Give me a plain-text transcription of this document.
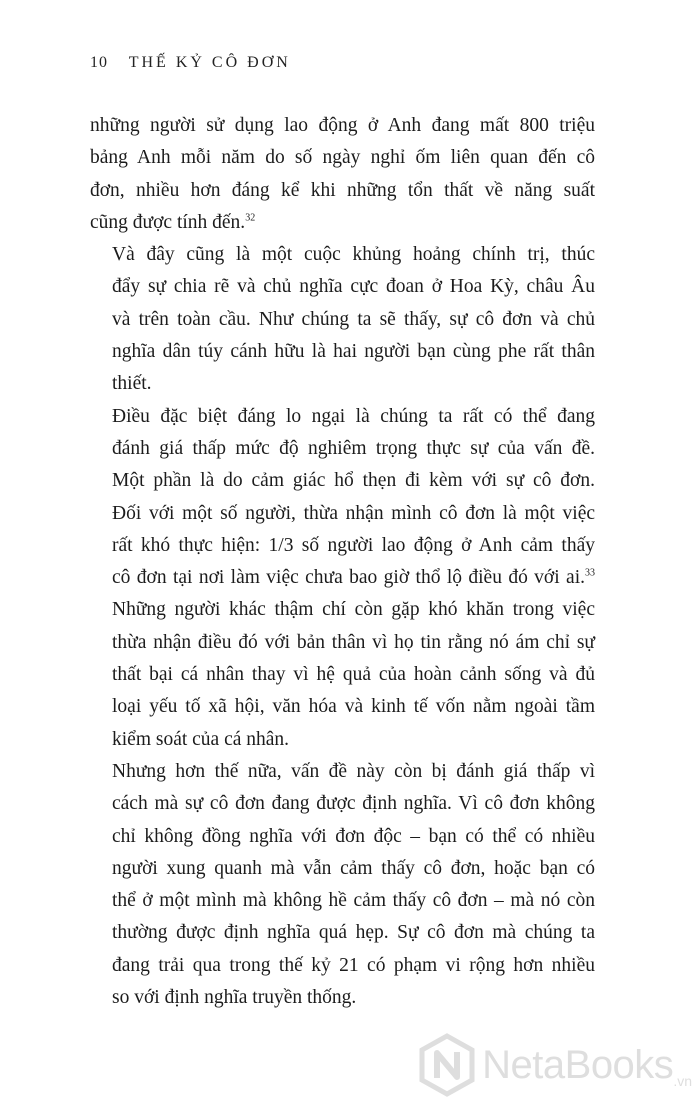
10 THẾ KỶ CÔ ĐƠN

những người sử dụng lao động ở Anh đang mất 800 triệu
bảng Anh mỗi năm do số ngày nghỉ ốm liên quan đến cô
đơn, nhiều hơn đáng kể khi những tổn thất về năng suất
cũng được tính đến.$^{32}$

Và đây cũng là một cuộc khủng hoảng chính trị, thúc
đẩy sự chia rẽ và chủ nghĩa cực đoan ở Hoa Kỳ, châu Âu
và trên toàn cầu. Như chúng ta sẽ thấy, sự cô đơn và chủ
nghĩa dân túy cánh hữu là hai người bạn cùng phe rất thân
thiết.

Điều đặc biệt đáng lo ngại là chúng ta rất có thể đang
đánh giá thấp mức độ nghiêm trọng thực sự của vấn đề.
Một phần là do cảm giác hổ thẹn đi kèm với sự cô đơn.
Đối với một số người, thừa nhận mình cô đơn là một việc
rất khó thực hiện: 1/3 số người lao động ở Anh cảm thấy
cô đơn tại nơi làm việc chưa bao giờ thổ lộ điều đó với ai.$^{33}$
Những người khác thậm chí còn gặp khó khăn trong việc
thừa nhận điều đó với bản thân vì họ tin rằng nó ám chỉ sự
thất bại cá nhân thay vì hệ quả của hoàn cảnh sống và đủ
loại yếu tố xã hội, văn hóa và kinh tế vốn nằm ngoài tầm
kiểm soát của cá nhân.

Nhưng hơn thế nữa, vấn đề này còn bị đánh giá thấp vì
cách mà sự cô đơn đang được định nghĩa. Vì cô đơn không
chỉ không đồng nghĩa với đơn độc – bạn có thể có nhiều
người xung quanh mà vẫn cảm thấy cô đơn, hoặc bạn có
thể ở một mình mà không hề cảm thấy cô đơn – mà nó còn
thường được định nghĩa quá hẹp. Sự cô đơn mà chúng ta
đang trải qua trong thế kỷ 21 có phạm vi rộng hơn nhiều
so với định nghĩa truyền thống.

NetaBooks .vn
